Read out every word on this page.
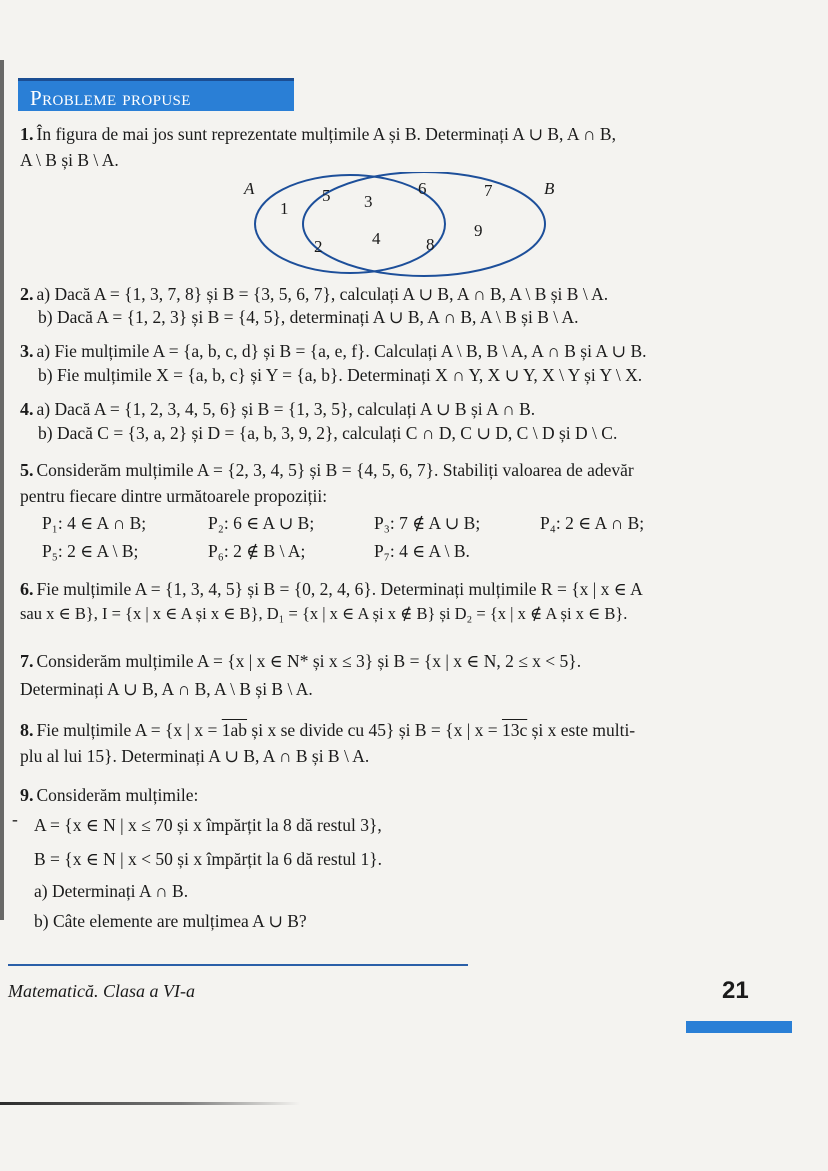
Probleme propuse
1. În figura de mai jos sunt reprezentate mulțimile A și B. Determinați A ∪ B, A ∩ B,
A \ B și B \ A.
A	B
1
5 3
6	7
2	4	8
9
2. a) Dacă A = {1, 3, 7, 8} și B = {3, 5, 6, 7}, calculați A ∪ B, A ∩ B, A \ B și B \ A.
b) Dacă A = {1, 2, 3} și B = {4, 5}, determinați A ∪ B, A ∩ B, A \ B și B \ A.
3. a) Fie mulțimile A = {a, b, c, d} și B = {a, e, f}. Calculați A \ B, B \ A, A ∩ B și A ∪ B.
b) Fie mulțimile X = {a, b, c} și Y = {a, b}. Determinați X ∩ Y, X ∪ Y, X \ Y și Y \ X.
4. a) Dacă A = {1, 2, 3, 4, 5, 6} și B = {1, 3, 5}, calculați A ∪ B și A ∩ B.
b) Dacă C = {3, a, 2} și D = {a, b, 3, 9, 2}, calculați C ∩ D, C ∪ D, C \ D și D \ C.
5. Considerăm mulțimile A = {2, 3, 4, 5} și B = {4, 5, 6, 7}. Stabiliți valoarea de adevăr
pentru fiecare dintre următoarele propoziții:
P₁: 4 ∈ A ∩ B;	P₂: 6 ∈ A ∪ B;	P₃: 7 ∉ A ∪ B;	P₄: 2 ∈ A ∩ B;
P₅: 2 ∈ A \ B;	P₆: 2 ∉ B \ A;	P₇: 4 ∈ A \ B.
6. Fie mulțimile A = {1, 3, 4, 5} și B = {0, 2, 4, 6}. Determinați mulțimile R = {x | x ∈ A
sau x ∈ B}, I = {x | x ∈ A și x ∈ B}, D₁ = {x | x ∈ A și x ∉ B} și D₂ = {x | x ∉ A și x ∈ B}.
7. Considerăm mulțimile A = {x | x ∈ N* și x ≤ 3} și B = {x | x ∈ N, 2 ≤ x < 5}.
Determinați A ∪ B, A ∩ B, A \ B și B \ A.
8. Fie mulțimile A = {x | x = 1ab și x se divide cu 45} și B = {x | x = 13c și x este multi-
plu al lui 15}. Determinați A ∪ B, A ∩ B și B \ A.
9. Considerăm mulțimile:
- A = {x ∈ N | x ≤ 70 și x împărțit la 8 dă restul 3},
B = {x ∈ N | x < 50 și x împărțit la 6 dă restul 1}.
a) Determinați A ∩ B.
b) Câte elemente are mulțimea A ∪ B?
Matematică. Clasa a VI-a	21
